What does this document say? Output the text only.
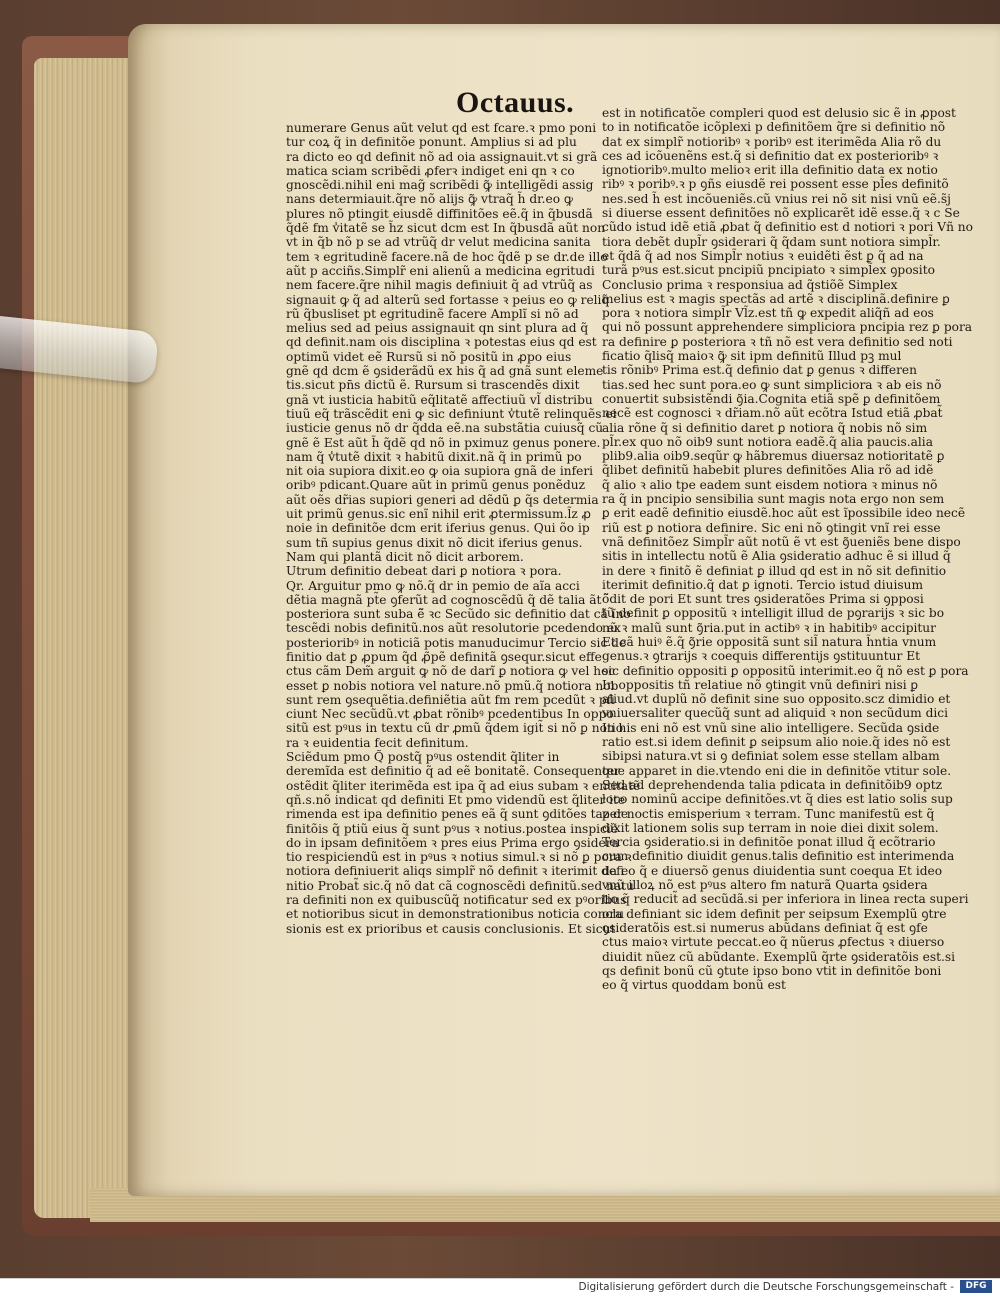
Octauus.
numerare Genus aũt velut qd est fcare.ꝛ pmo poni
tur coꝝ q̃ in definitõe ponunt. Amplius si ad plu
ra dicto eo qd definit nõ ad oia assignauit.vt si grã
matica sciam scribẽdi ꝓferꝛ indiget eni qn ꝛ co
gnoscẽdi.nihil eni mag̃ scribẽdi ꝙ̃ intelligẽdi assig
nans determiauit.q̃re nõ alijs ꝙ̃ vtraq̃ h̃ dr.eo ꝙ
plures nõ ptingit eiusdẽ diffinitões eẽ.q̃ in q̃busdã
q̃dẽ fm v̾itatẽ se h̃z sicut dcm est In q̃busdã aũt non
vt in q̃b nõ p se ad vtrũq̃ dr velut medicina sanita
tem ꝛ egritudinẽ facere.nã de hoc q̃dẽ p se dr.de illo
aũt p acciñs.Simplr̃ eni alienũ a medicina egritudi
nem facere.q̃re nihil magis definiuit q̃ ad vtrũq̃ as
signauit ꝙ q̃ ad alterũ sed fortasse ꝛ peius eo ꝙ reliq̃
rũ q̃busliset pt egritudinẽ facere Amplĩ si nõ ad
melius sed ad peius assignauit qn sint plura ad q̃
qd definit.nam ois disciplina ꝛ potestas eius qd est
optimũ videt eẽ Rursũ si nõ positũ in ꝓpo eius
gnẽ qd dcm ẽ ꝯsiderãdũ ex his q̃ ad gnã sunt eleme
tis.sicut pn̄s dictũ ẽ. Rursum si trascendẽs dixit
gnã vt iusticia habitũ eq̃litatẽ affectiuũ vl̃ distribu
tiuũ eq̃ trãscẽdit eni ꝙ sic definiunt v̾tutẽ relinquẽs ei
iusticie genus nõ dr q̃dda eẽ.na substãtia cuiusq̃ cũ
gnẽ ẽ Est aũt h̃ q̃dẽ qd nõ in pximuz genus ponere.
nam q̃ v̾tutẽ dixit ꝛ habitũ dixit.nã q̃ in primũ po
nit oia supiora dixit.eo ꝙ oia supiora gnã de inferi
oribꝰ pdicant.Quare aũt in primũ genus ponẽduz
aũt oẽs dr̃ias supiori generi ad dẽdũ ꝑ q̃s determia
uit primũ genus.sic enĩ nihil erit ꝓtermissum.l̃z ꝓ
noie in definitõe dcm erit iferius genus. Qui õo ip
sum tñ supius genus dixit nõ dicit iferius genus.
Nam qui plantã dicit nõ dicit arborem.
Utrum definitio debeat dari ꝑ notiora ꝛ pora.
Qr. Arguitur pmo ꝙ nõ.q̃ dr in pemio de aĩa acci
dẽtia magnã pt̃e ꝯferũt ad cognoscẽdũ q̃ dẽ talia ãt
posteriora sunt suba ẽ̃ ꝛc Secũdo sic definitio dat cã ĩno
tescẽdi nobis definitũ.nos aũt resolutorie pcedendo ex
posterioribꝰ in noticiã potis manuducimur Tercio sic de
finitio dat ꝑ ꝓpum q̃d ꝓ̃pẽ definitã ꝯsequr.sicut effe
ctus cãm Dem̃ arguit ꝙ nõ de darĩ ꝑ notiora ꝙ vel hoc
esset ꝑ nobis notiora vel nature.nõ pmũ.q̃ notiora nob
sunt rem ꝯsequẽtia.definiẽtia aũt fm rem pcedũt ꝛ pfi
ciunt Nec secũdũ.vt ꝓbat rõnibꝰ pcedentibus In oppo
sitũ est pꝰus in textu cũ dr ꝓmũ q̃dem igit̃ si nõ ꝑ notio
ra ꝛ euidentia fecit definitum.
Sciẽdum pmo Q̃ postq̃ pꝰus ostendit q̃liter in
deremĩda est definitio q̃ ad eẽ bonitatẽ. Consequenter
ostẽdit q̃liter iterimẽda est ipa q̃ ad eius subam ꝛ entitatẽ
qñ.s.nõ indicat qd definiti Et pmo videndũ est q̃liter ite
rimenda est ipa definitio penes eã q̃ sunt ꝯditões taz de
finitõis q̃ ptiũ eius q̃ sunt pꝰus ꝛ notius.postea inspiciẽ
do in ipsam definitõem ꝛ pres eius Prima ergo ꝯsidera
tio respiciendũ est in pꝰus ꝛ notius simul.ꝛ si nõ ꝑ pora ꝛ
notiora definiuerit aliqs simplr̃ nõ definit ꝛ iterimit defi
nitio Probat̃ sic.q̃ nõ dat cã cognoscẽdi definitũ.sed natu
ra definiti non ex quibuscũq̃ notificatur sed ex pꝰoribus
et notioribus sicut in demonstrationibus noticia conclu
sionis est ex prioribus et causis conclusionis. Et sicut
est in notificatõe compleri quod est delusio sic ẽ in ꝓpost
to in notificatõe icõplexi p definitõem q̃re si definitio nõ
dat ex simplr̃ notioribꝰ ꝛ poribꝰ est iterimẽda Alia rõ du
ces ad icõuenẽns est.q̃ si definitio dat ex posterioribꝰ ꝛ
ignotioribꝰ.multo melioꝛ erit illa definitio data ex notio
ribꝰ ꝛ poribꝰ.ꝛ p ꝯñs eiusdẽ rei possent esse pl̃es definitõ
nes.sed h̃ est incõueniẽs.cũ vnius rei nõ sit nisi vnũ eẽ.s̃j
si diuerse essent definitões nõ explicarẽt idẽ esse.q̃ ꝛ c Se
cũdo istud idẽ etiã ꝓbat q̃ definitio est d notiori ꝛ pori Vñ no
tiora debẽt dupl̃r ꝯsiderari q̃ q̃dam sunt notiora simpl̃r.
et q̃dã q̃ ad nos Simpl̃r notius ꝛ euidẽti ẽst ꝑ q̃ ad na
turã pꝰus est.sicut pncipiũ pncipiato ꝛ simpl̃ex ꝯposito
Conclusio prima ꝛ responsiua ad q̃stiõẽ Simplex
melius est ꝛ magis spectãs ad artẽ ꝛ disciplinã.definire ꝑ
pora ꝛ notiora simpl̃r Vl̃z.est tñ ꝙ expedit aliq̃ñ ad eos
qui nõ possunt apprehendere simpliciora pncipia rez ꝑ pora
ra definire ꝑ posteriora ꝛ tñ nõ est vera definitio sed noti
ficatio q̃lisq̃ maioꝛ ꝙ̃ sit ipm definitũ Illud pꝫ mul
tis rõnibꝰ Prima est.q̃ definio dat ꝑ genus ꝛ differen
tias.sed hec sunt pora.eo ꝙ sunt simpliciora ꝛ ab eis nõ
conuertit subsistẽndi ꝯ̃ia.Cognita etiã spẽ ꝑ definitõem
necẽ est cognosci ꝛ dr̃iam.nõ aũt ecõtra Istud etiã ꝓbat̃
alia rõne q̃ si definitio daret ꝑ notiora q̃ nobis nõ sim
pl̃r.ex quo nõ oib9 sunt notiora eadẽ.q̃ alia paucis.alia
plib9.alia oib9.seqũr ꝙ hãbremus diuersaz notioritatẽ ꝑ
q̃libet definitũ habebit plures definitões Alia rõ ad idẽ
q̃ alio ꝛ alio tpe eadem sunt eisdem notiora ꝛ minus nõ
ra q̃ in pncipio sensibilia sunt magis nota ergo non sem
ꝑ erit eadẽ definitio eiusdẽ.hoc aũt est ĩpossibile ideo necẽ
riũ est ꝑ notiora definire. Sic eni nõ ꝯtingit vnĩ rei esse
vnã definitõez Simpl̃r aũt notũ ẽ vt est ꝯ̃ueniẽs bene dispo
sitis in intellectu notũ ẽ Alia ꝯsideratio adhuc ẽ si illud q̃
in dere ꝛ finitõ ẽ definiat ꝑ illud qd est in nõ sit definitio
iterimit definitio.q̃ dat ꝑ ignoti. Tercio istud diuisum
õ̃dit de pori Et sunt tres ꝯsideratões Prima si ꝯpposi
tũ definit ꝑ oppositũ ꝛ intelligit illud de pꝯrarijs ꝛ sic bo
nũ ꝛ malũ sunt ꝯ̃ria.put in actibꝰ ꝛ in habitibꝰ accipitur
Et cã huiꝰ ẽ.q̃ ꝯ̃rie oppositã sunt sil̃ natura h̃ntia vnum
genus.ꝛ ꝯtrarijs ꝛ coequis differentijs ꝯstituuntur Et
sic definitio oppositi ꝑ oppositũ interimit.eo q̃ nõ est ꝑ pora
In oppositis tñ relatiue nõ ꝯtingit vnũ definiri nisi ꝑ
aliud.vt duplũ nõ definit sine suo opposito.scz dimidio et
vniuersaliter quecũq̃ sunt ad aliquid ꝛ non secũdum dici
In his eni nõ est vnũ sine alio intelligere. Secũda ꝯside
ratio est.si idem definit ꝑ seipsum alio noie.q̃ ides nõ est
sibipsi natura.vt si ꝯ definiat solem esse stellam albam
que apparet in die.vtendo eni die in definitõe vtitur sole.
Sed ad deprehendenda talia pdicata in definitõib9 optz
loco nominũ accipe definitões.vt q̃ dies est latio solis sup
per noctis emisperium ꝛ terram. Tunc manifestũ est q̃
dixit lationem solis sup terram in noie diei dixit solem.
Tercia ꝯsideratio.si in definitõe ponat illud q̃ ecõtrario
cum definitio diuidit genus.talis definitio est interimenda
da eo q̃ e diuersõ genus diuidentia sunt coequa Et ideo
vnũ illoꝝ nõ est pꝰus altero fm naturã Quarta ꝯsidera
tio q̃ reducit̃ ad secũdã.si per inferiora in linea recta superi
ora definiant sic idem definit per seipsum Exemplũ ꝯtre
ꝯsideratõis est.si numerus abũdans definiat q̃ est ꝯfe
ctus maioꝛ virtute peccat.eo q̃ nũerus ꝓfectus ꝛ diuerso
diuidit nũez cũ abũdante. Exemplũ q̃rte ꝯsideratõis est.si
qs definit bonũ cũ ꝯtute ipso bono vtit in definitõe boni
eo q̃ virtus quoddam bonũ est
Digitalisierung gefördert durch die Deutsche Forschungsgemeinschaft -	DFG
